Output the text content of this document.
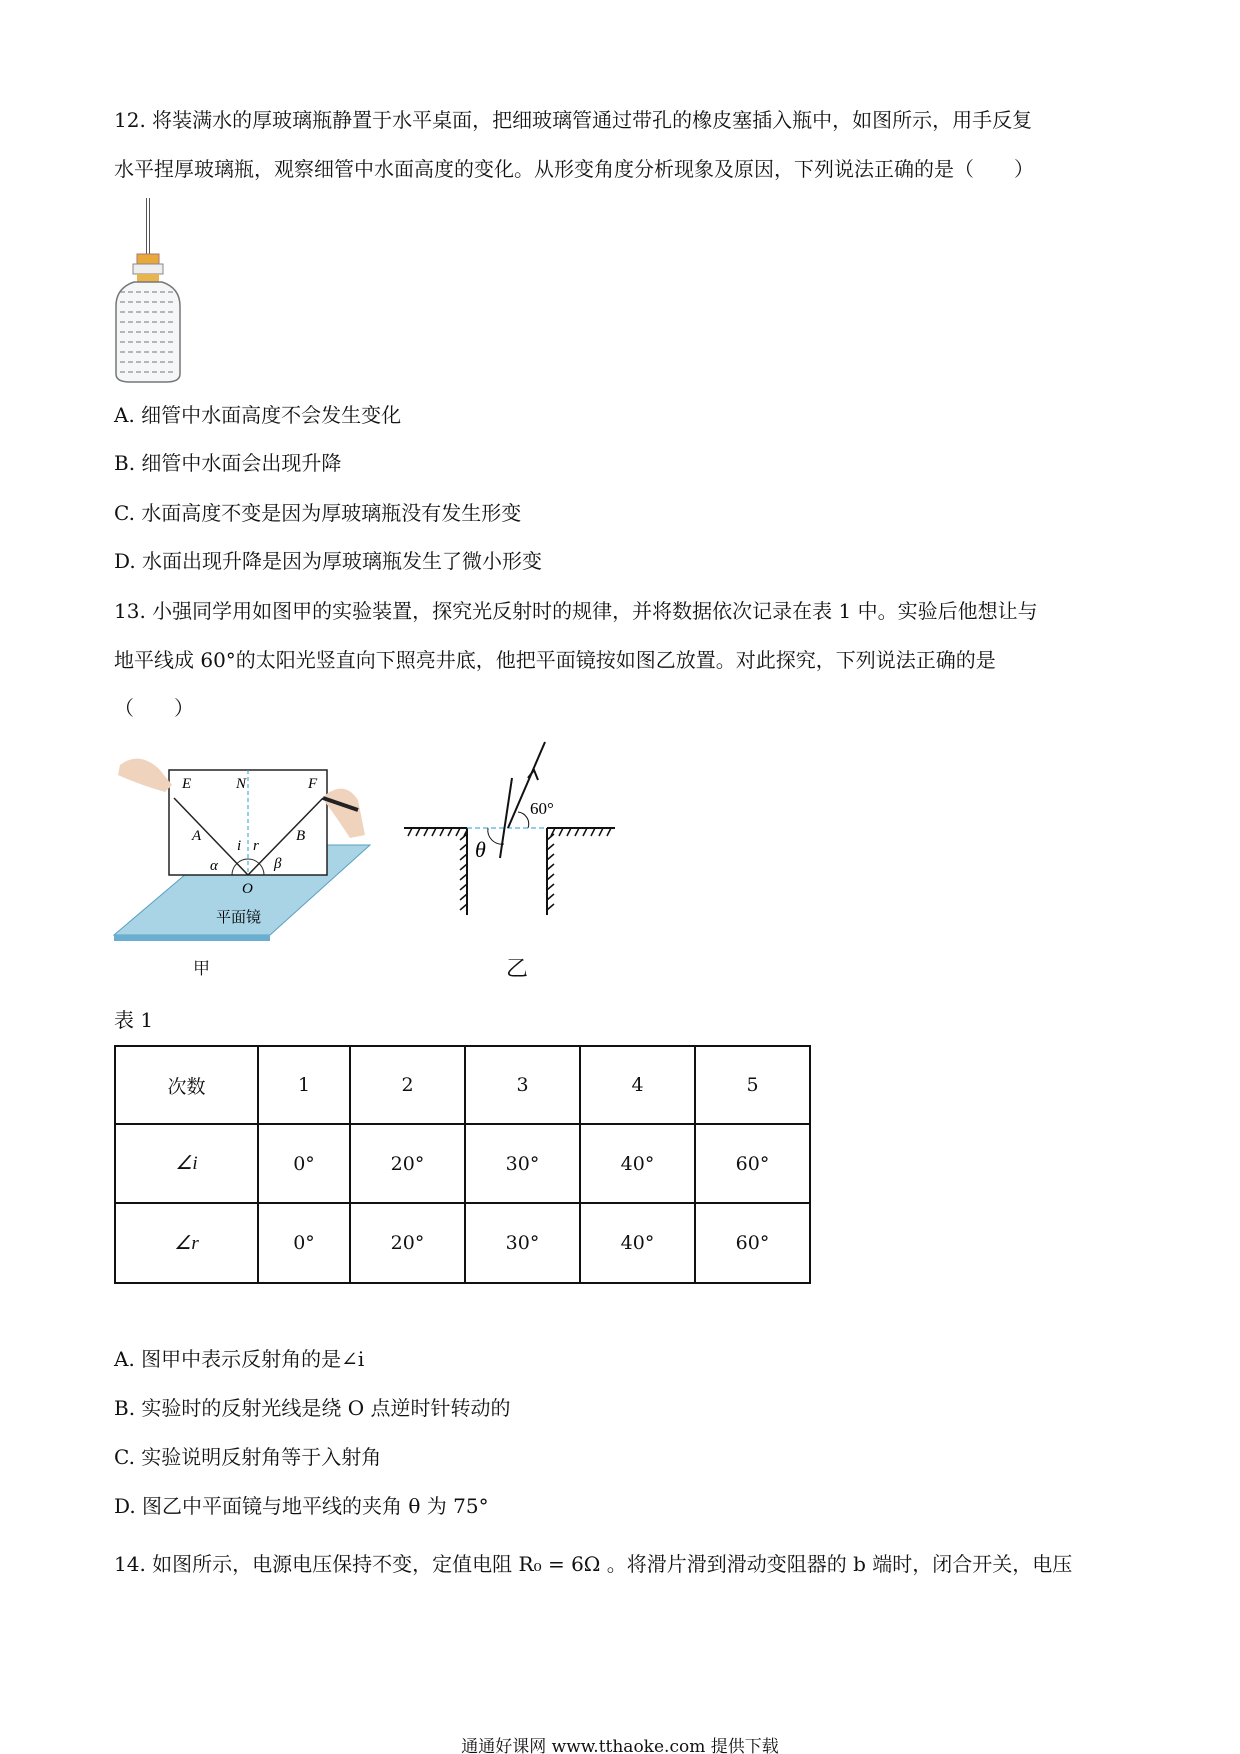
12. 将装满水的厚玻璃瓶静置于水平桌面，把细玻璃管通过带孔的橡皮塞插入瓶中，如图所示，用手反复
水平捏厚玻璃瓶，观察细管中水面高度的变化。从形变角度分析现象及原因，下列说法正确的是（　　）
A. 细管中水面高度不会发生变化
B. 细管中水面会出现升降
C. 水面高度不变是因为厚玻璃瓶没有发生形变
D. 水面出现升降是因为厚玻璃瓶发生了微小形变
13. 小强同学用如图甲的实验装置，探究光反射时的规律，并将数据依次记录在表 1 中。实验后他想让与
地平线成 60°的太阳光竖直向下照亮井底，他把平面镜按如图乙放置。对此探究，下列说法正确的是
（　　）
E	N	F
A	B
i r
α	β
O
平面镜
甲
60°
θ
乙
表 1
次数	1	2	3	4	5
∠i	0°	20°	30°	40°	60°
∠r	0°	20°	30°	40°	60°
A. 图甲中表示反射角的是∠i
B. 实验时的反射光线是绕 O 点逆时针转动的
C. 实验说明反射角等于入射角
D. 图乙中平面镜与地平线的夹角 θ 为 75°
14. 如图所示，电源电压保持不变，定值电阻 R₀ = 6Ω 。将滑片滑到滑动变阻器的 b 端时，闭合开关，电压
通通好课网 www.tthaoke.com 提供下载
